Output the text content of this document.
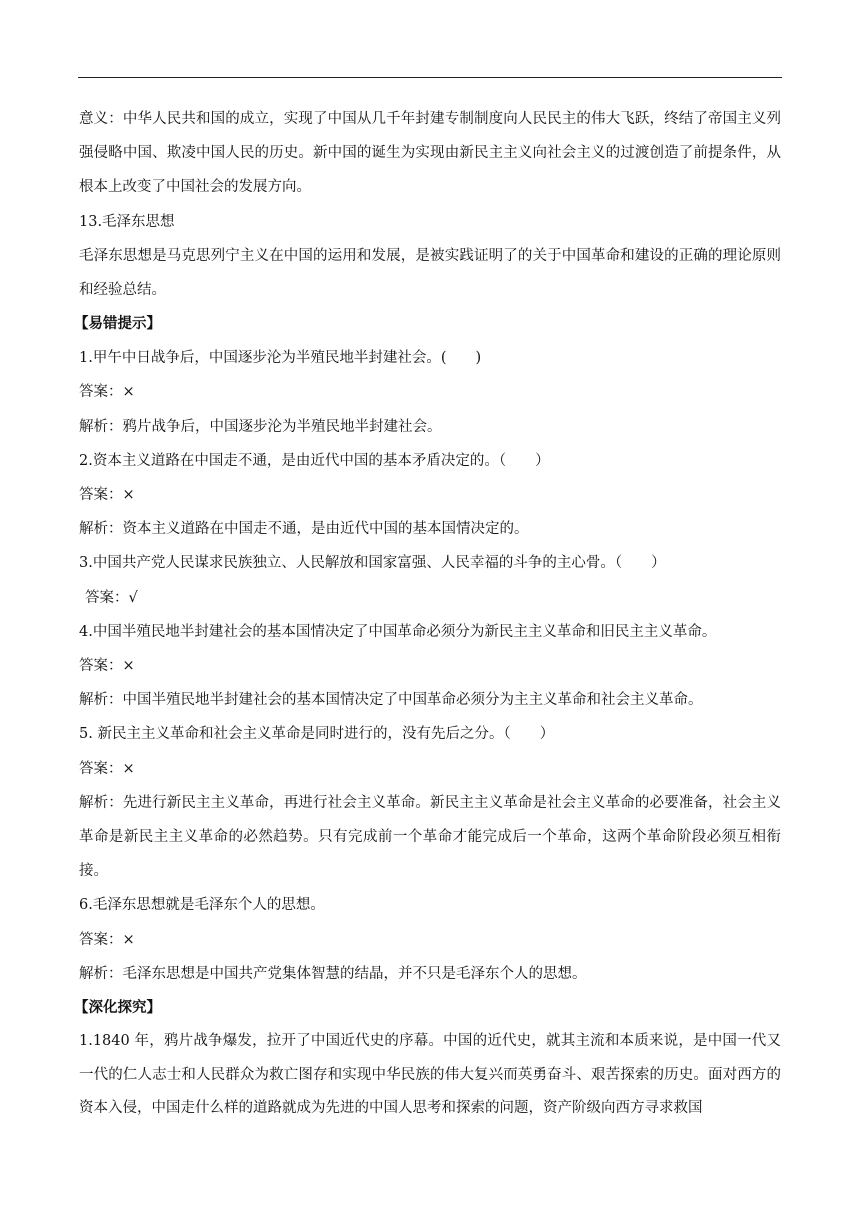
意义：中华人民共和国的成立，实现了中国从几千年封建专制制度向人民民主的伟大飞跃，终结了帝国主义列强侵略中国、欺凌中国人民的历史。新中国的诞生为实现由新民主主义向社会主义的过渡创造了前提条件，从根本上改变了中国社会的发展方向。

13.毛泽东思想

毛泽东思想是马克思列宁主义在中国的运用和发展，是被实践证明了的关于中国革命和建设的正确的理论原则和经验总结。

【易错提示】

1.甲午中日战争后，中国逐步沦为半殖民地半封建社会。(　　)

答案：×

解析：鸦片战争后，中国逐步沦为半殖民地半封建社会。

2.资本主义道路在中国走不通，是由近代中国的基本矛盾决定的。（　　）

答案：×

解析：资本主义道路在中国走不通，是由近代中国的基本国情决定的。

3.中国共产党人民谋求民族独立、人民解放和国家富强、人民幸福的斗争的主心骨。（　　）

答案：√

4.中国半殖民地半封建社会的基本国情决定了中国革命必须分为新民主主义革命和旧民主主义革命。

答案：×

解析：中国半殖民地半封建社会的基本国情决定了中国革命必须分为主主义革命和社会主义革命。

5. 新民主主义革命和社会主义革命是同时进行的，没有先后之分。（　　）

答案：×

解析：先进行新民主主义革命，再进行社会主义革命。新民主主义革命是社会主义革命的必要准备，社会主义革命是新民主主义革命的必然趋势。只有完成前一个革命才能完成后一个革命，这两个革命阶段必须互相衔接。

6.毛泽东思想就是毛泽东个人的思想。

答案：×

解析：毛泽东思想是中国共产党集体智慧的结晶，并不只是毛泽东个人的思想。

【深化探究】

1.1840 年，鸦片战争爆发，拉开了中国近代史的序幕。中国的近代史，就其主流和本质来说，是中国一代又一代的仁人志士和人民群众为救亡图存和实现中华民族的伟大复兴而英勇奋斗、艰苦探索的历史。面对西方的资本入侵，中国走什么样的道路就成为先进的中国人思考和探索的问题，资产阶级向西方寻求救国
